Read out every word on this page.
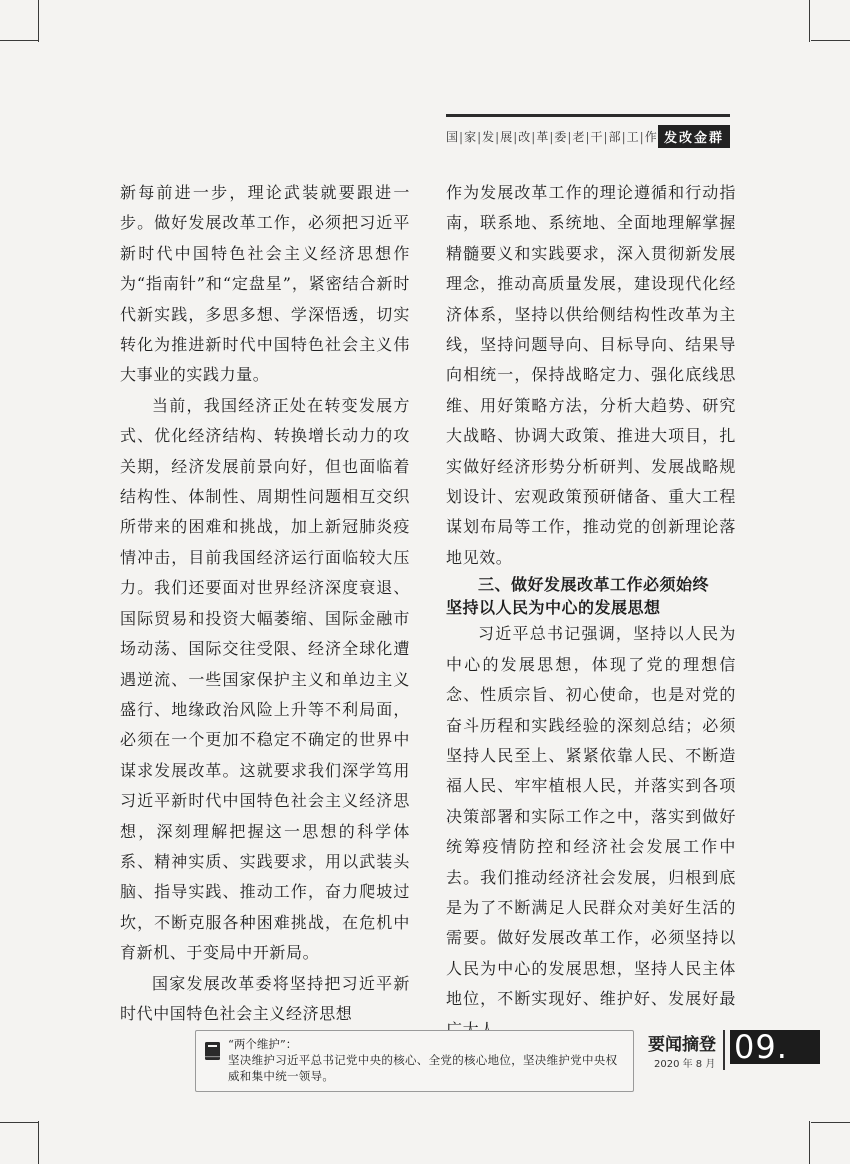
国|家|发|展|改|革|委|老|干|部|工|作 发改金群

新每前进一步，理论武装就要跟进一步。做好发展改革工作，必须把习近平新时代中国特色社会主义经济思想作为“指南针”和“定盘星”，紧密结合新时代新实践，多思多想、学深悟透，切实转化为推进新时代中国特色社会主义伟大事业的实践力量。

当前，我国经济正处在转变发展方式、优化经济结构、转换增长动力的攻关期，经济发展前景向好，但也面临着结构性、体制性、周期性问题相互交织所带来的困难和挑战，加上新冠肺炎疫情冲击，目前我国经济运行面临较大压力。我们还要面对世界经济深度衰退、国际贸易和投资大幅萎缩、国际金融市场动荡、国际交往受限、经济全球化遭遇逆流、一些国家保护主义和单边主义盛行、地缘政治风险上升等不利局面，必须在一个更加不稳定不确定的世界中谋求发展改革。这就要求我们深学笃用习近平新时代中国特色社会主义经济思想，深刻理解把握这一思想的科学体系、精神实质、实践要求，用以武装头脑、指导实践、推动工作，奋力爬坡过坎，不断克服各种困难挑战，在危机中育新机、于变局中开新局。

国家发展改革委将坚持把习近平新时代中国特色社会主义经济思想

作为发展改革工作的理论遵循和行动指南，联系地、系统地、全面地理解掌握精髓要义和实践要求，深入贯彻新发展理念，推动高质量发展，建设现代化经济体系，坚持以供给侧结构性改革为主线，坚持问题导向、目标导向、结果导向相统一，保持战略定力、强化底线思维、用好策略方法，分析大趋势、研究大战略、协调大政策、推进大项目，扎实做好经济形势分析研判、发展战略规划设计、宏观政策预研储备、重大工程谋划布局等工作，推动党的创新理论落地见效。

三、做好发展改革工作必须始终
坚持以人民为中心的发展思想

习近平总书记强调，坚持以人民为中心的发展思想，体现了党的理想信念、性质宗旨、初心使命，也是对党的奋斗历程和实践经验的深刻总结；必须坚持人民至上、紧紧依靠人民、不断造福人民、牢牢植根人民，并落实到各项决策部署和实际工作之中，落实到做好统筹疫情防控和经济社会发展工作中去。我们推动经济社会发展，归根到底是为了不断满足人民群众对美好生活的需要。做好发展改革工作，必须坚持以人民为中心的发展思想，坚持人民主体地位，不断实现好、维护好、发展好最

“两个维护”：
坚决维护习近平总书记党中央的核心、全党的核心地位，坚决维护党中央权威和集中统一领导。
要闻摘登
2020 年 8 月 09.
